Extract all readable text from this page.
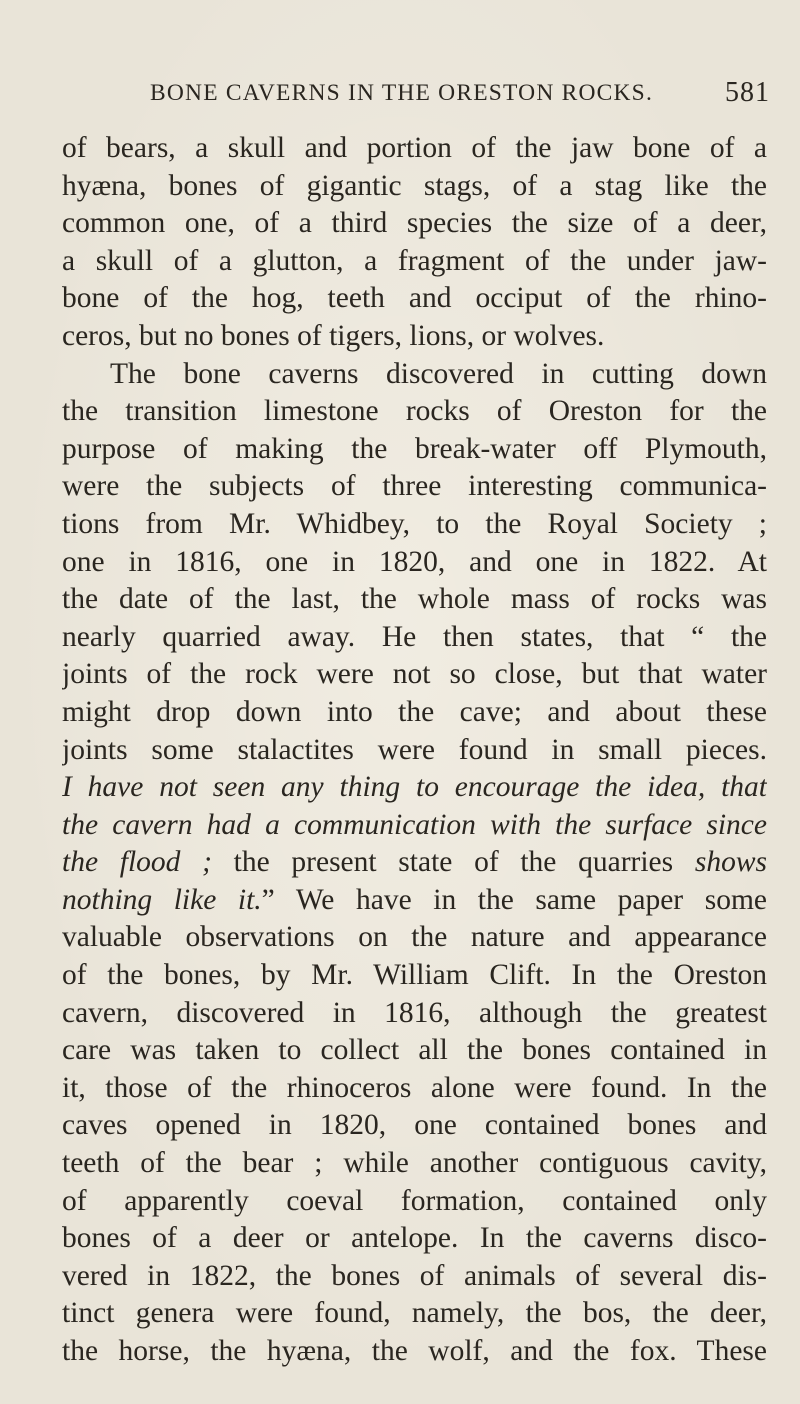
BONE CAVERNS IN THE ORESTON ROCKS.	581
of bears, a skull and portion of the jaw bone of a
hyæna, bones of gigantic stags, of a stag like the
common one, of a third species the size of a deer,
a skull of a glutton, a fragment of the under jaw-
bone of the hog, teeth and occiput of the rhino-
ceros, but no bones of tigers, lions, or wolves.
The bone caverns discovered in cutting down
the transition limestone rocks of Oreston for the
purpose of making the break-water off Plymouth,
were the subjects of three interesting communica-
tions from Mr. Whidbey, to the Royal Society ;
one in 1816, one in 1820, and one in 1822. At
the date of the last, the whole mass of rocks was
nearly quarried away. He then states, that “ the
joints of the rock were not so close, but that water
might drop down into the cave; and about these
joints some stalactites were found in small pieces.
I have not seen any thing to encourage the idea, that
the cavern had a communication with the surface since
the flood ; the present state of the quarries shows
nothing like it.” We have in the same paper some
valuable observations on the nature and appearance
of the bones, by Mr. William Clift. In the Oreston
cavern, discovered in 1816, although the greatest
care was taken to collect all the bones contained in
it, those of the rhinoceros alone were found. In the
caves opened in 1820, one contained bones and
teeth of the bear ; while another contiguous cavity,
of apparently coeval formation, contained only
bones of a deer or antelope. In the caverns disco-
vered in 1822, the bones of animals of several dis-
tinct genera were found, namely, the bos, the deer,
the horse, the hyæna, the wolf, and the fox. These
